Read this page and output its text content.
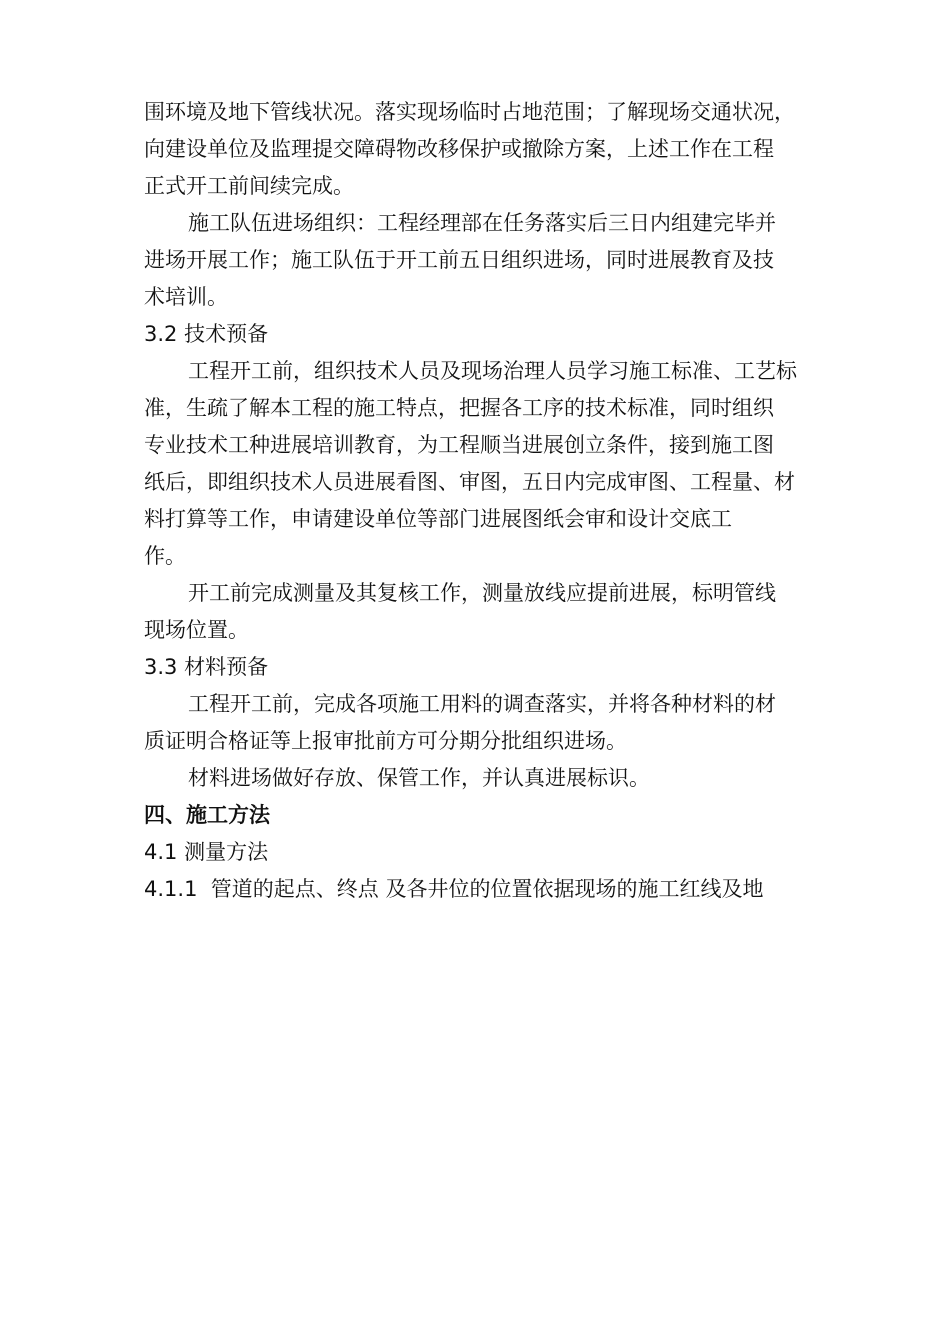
围环境及地下管线状况。落实现场临时占地范围；了解现场交通状况，
向建设单位及监理提交障碍物改移保护或撤除方案，上述工作在工程
正式开工前间续完成。

施工队伍进场组织：工程经理部在任务落实后三日内组建完毕并
进场开展工作；施工队伍于开工前五日组织进场，同时进展教育及技
术培训。

3.2 技术预备

工程开工前，组织技术人员及现场治理人员学习施工标准、工艺标
准，生疏了解本工程的施工特点，把握各工序的技术标准，同时组织
专业技术工种进展培训教育，为工程顺当进展创立条件，接到施工图
纸后，即组织技术人员进展看图、审图，五日内完成审图、工程量、材
料打算等工作，申请建设单位等部门进展图纸会审和设计交底工
作。

开工前完成测量及其复核工作，测量放线应提前进展，标明管线
现场位置。

3.3 材料预备

工程开工前，完成各项施工用料的调查落实，并将各种材料的材
质证明合格证等上报审批前方可分期分批组织进场。

材料进场做好存放、保管工作，并认真进展标识。

四、施工方法

4.1 测量方法

4.1.1  管道的起点、终点 及各井位的位置依据现场的施工红线及地
